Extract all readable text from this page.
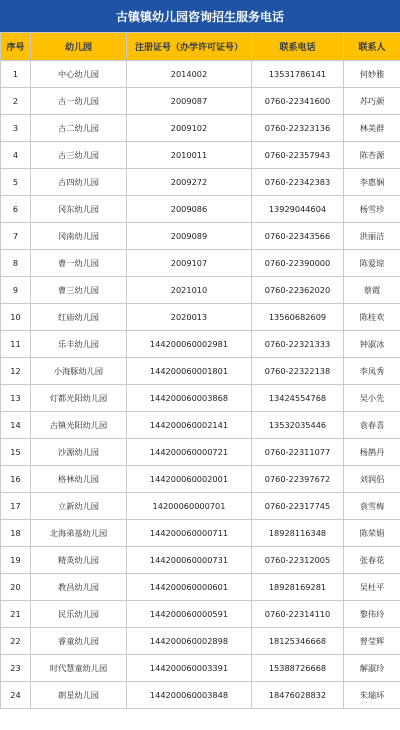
古镇镇幼儿园咨询招生服务电话
序号	幼儿园	注册证号（办学许可证号）	联系电话	联系人
1	中心幼儿园	2014002	13531786141	何妙雅
2	古一幼儿园	2009087	0760-22341600	苏巧颜
3	古二幼儿园	2009102	0760-22323136	林美群
4	古三幼儿园	2010011	0760-22357943	陈杏源
5	古四幼儿园	2009272	0760-22342383	李惠娴
6	冈东幼儿园	2009086	13929044604	杨雪珍
7	冈南幼儿园	2009089	0760-22343566	洪丽洁
8	曹一幼儿园	2009107	0760-22390000	陈爱琼
9	曹三幼儿园	2021010	0760-22362020	蔡霞
10	红庙幼儿园	2020013	13560682609	陈桂欢
11	乐丰幼儿园	144200060002981	0760-22321333	钟淑冰
12	小海豚幼儿园	144200060001801	0760-22322138	李凤秀
13	灯都光阳幼儿园	144200060003868	13424554768	吴小先
14	古镇光阳幼儿园	144200060002141	13532035446	袁春喜
15	沙源幼儿园	144200060000721	0760-22311077	杨鹊丹
16	格林幼儿园	144200060002001	0760-22397672	刘润侣
17	立新幼儿园	14200060000701	0760-22317745	袁雪梅
18	北海弟基幼儿园	144200060000711	18928116348	陈荣娟
19	精英幼儿园	144200060000731	0760-22312005	张春花
20	教昌幼儿园	144200060000601	18928169281	吴杜平
21	民乐幼儿园	144200060000591	0760-22314110	黎伟玲
22	睿童幼儿园	144200060002898	18125346668	曾莹辉
23	时代慧童幼儿园	144200060003391	15388726668	解淑玲
24	朗星幼儿园	144200060003848	18476028832	朱瑞环
